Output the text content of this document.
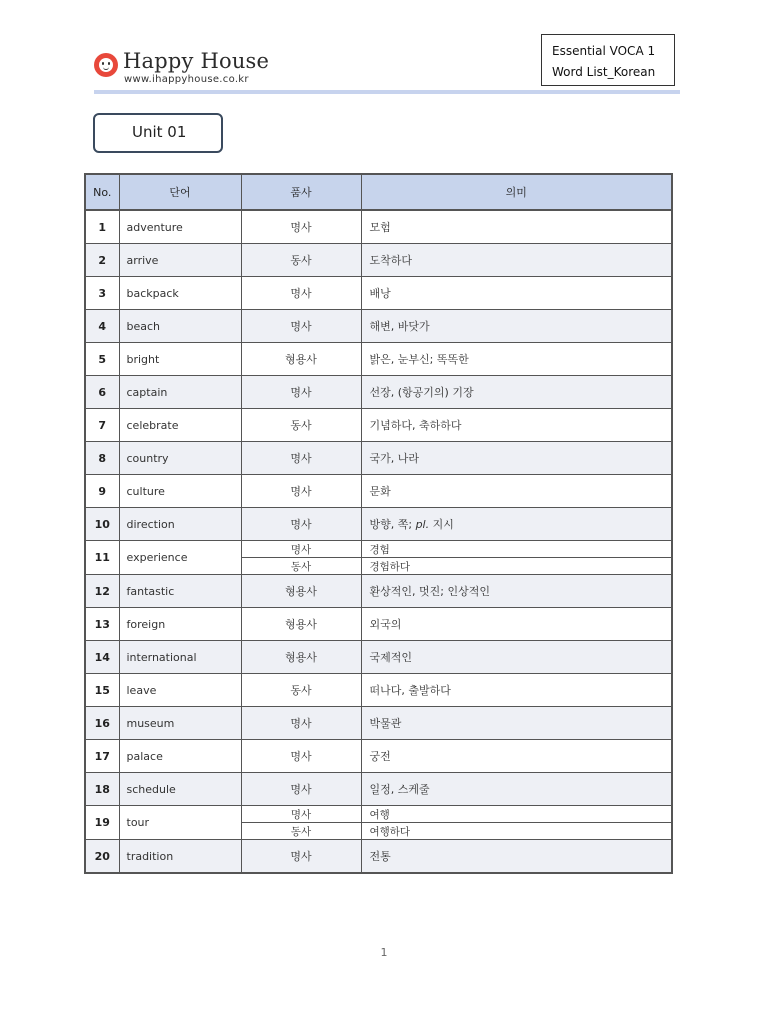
Happy House
www.ihappyhouse.co.kr
Essential VOCA 1
Word List_Korean
Unit 01
No.	단어	품사	의미
1	adventure	명사	모험
2	arrive	동사	도착하다
3	backpack	명사	배낭
4	beach	명사	해변, 바닷가
5	bright	형용사	밝은, 눈부신; 똑똑한
6	captain	명사	선장, (항공기의) 기장
7	celebrate	동사	기념하다, 축하하다
8	country	명사	국가, 나라
9	culture	명사	문화
10	direction	명사	방향, 쪽; pl. 지시
11	experience	명사	경험
		동사	경험하다
12	fantastic	형용사	환상적인, 멋진; 인상적인
13	foreign	형용사	외국의
14	international	형용사	국제적인
15	leave	동사	떠나다, 출발하다
16	museum	명사	박물관
17	palace	명사	궁전
18	schedule	명사	일정, 스케줄
19	tour	명사	여행
		동사	여행하다
20	tradition	명사	전통
1
